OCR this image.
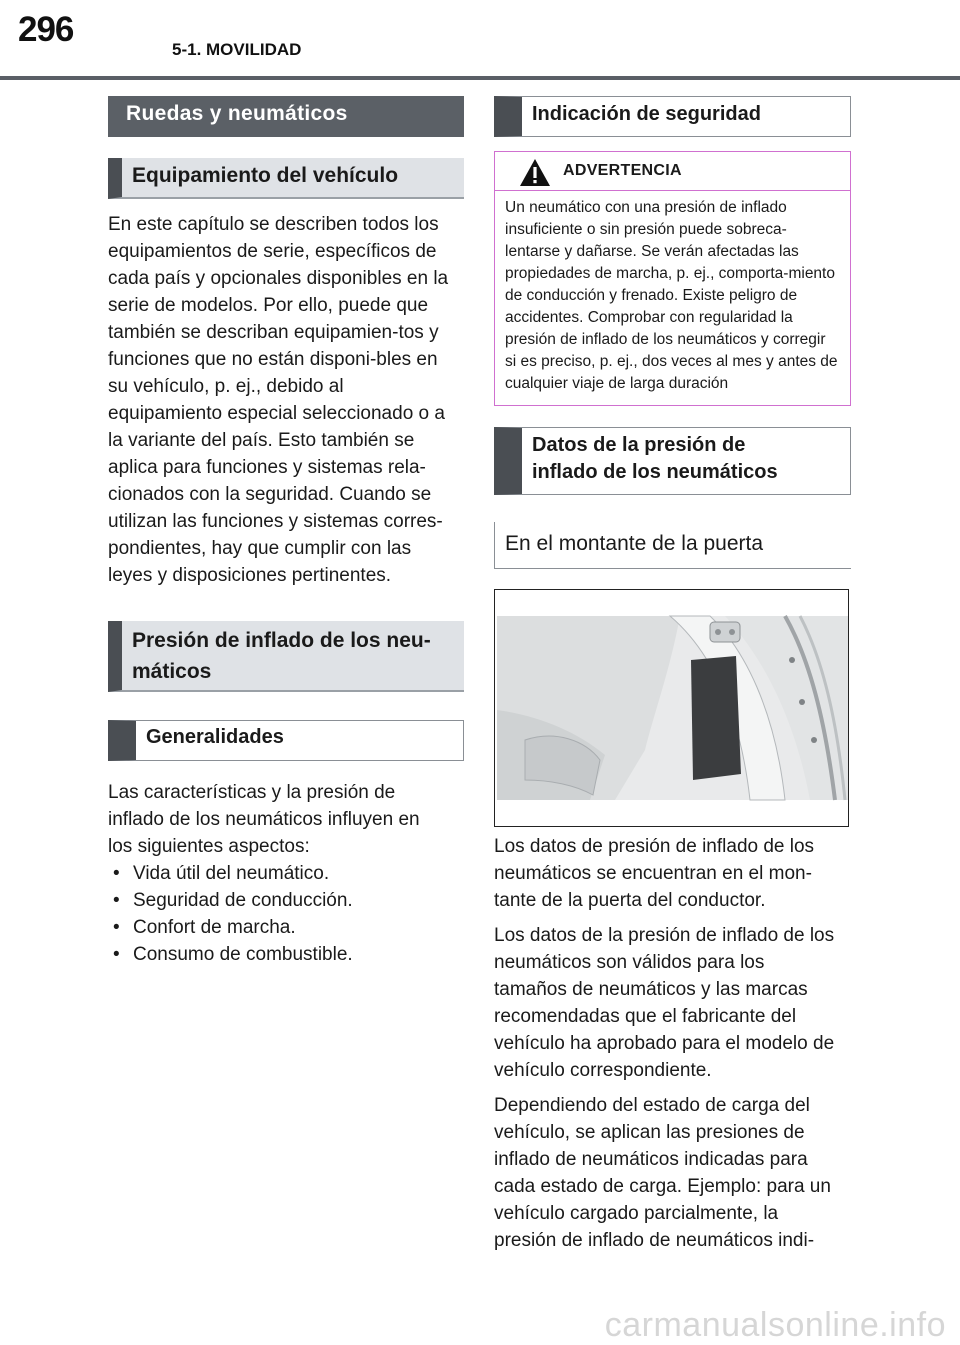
296
5-1. MOVILIDAD
Ruedas y neumáticos
Equipamiento del vehículo

En este capítulo se describen todos los equipamientos de serie, específicos de cada país y opcionales disponibles en la serie de modelos. Por ello, puede que también se describan equipamien-tos y funciones que no están disponi-bles en su vehículo, p. ej., debido al equipamiento especial seleccionado o a la variante del país. Esto también se aplica para funciones y sistemas rela-cionados con la seguridad. Cuando se utilizan las funciones y sistemas corres-pondientes, hay que cumplir con las leyes y disposiciones pertinentes.

Presión de inflado de los neu-
máticos
Generalidades

Las características y la presión de inflado de los neumáticos influyen en los siguientes aspectos:

• Vida útil del neumático.
• Seguridad de conducción.
• Confort de marcha.
• Consumo de combustible.
Indicación de seguridad
ADVERTENCIA
Un neumático con una presión de inflado insuficiente o sin presión puede sobreca-lentarse y dañarse. Se verán afectadas las propiedades de marcha, p. ej., comporta-miento de conducción y frenado. Existe peligro de accidentes. Comprobar con regularidad la presión de inflado de los neumáticos y corregir si es preciso, p. ej., dos veces al mes y antes de cualquier viaje de larga duración
Datos de la presión de
inflado de los neumáticos
En el montante de la puerta

Los datos de presión de inflado de los neumáticos se encuentran en el mon-tante de la puerta del conductor.

Los datos de la presión de inflado de los neumáticos son válidos para los tamaños de neumáticos y las marcas recomendadas que el fabricante del vehículo ha aprobado para el modelo de vehículo correspondiente.

Dependiendo del estado de carga del vehículo, se aplican las presiones de inflado de neumáticos indicadas para cada estado de carga. Ejemplo: para un vehículo cargado parcialmente, la presión de inflado de neumáticos indi-

carmanualsonline.info
